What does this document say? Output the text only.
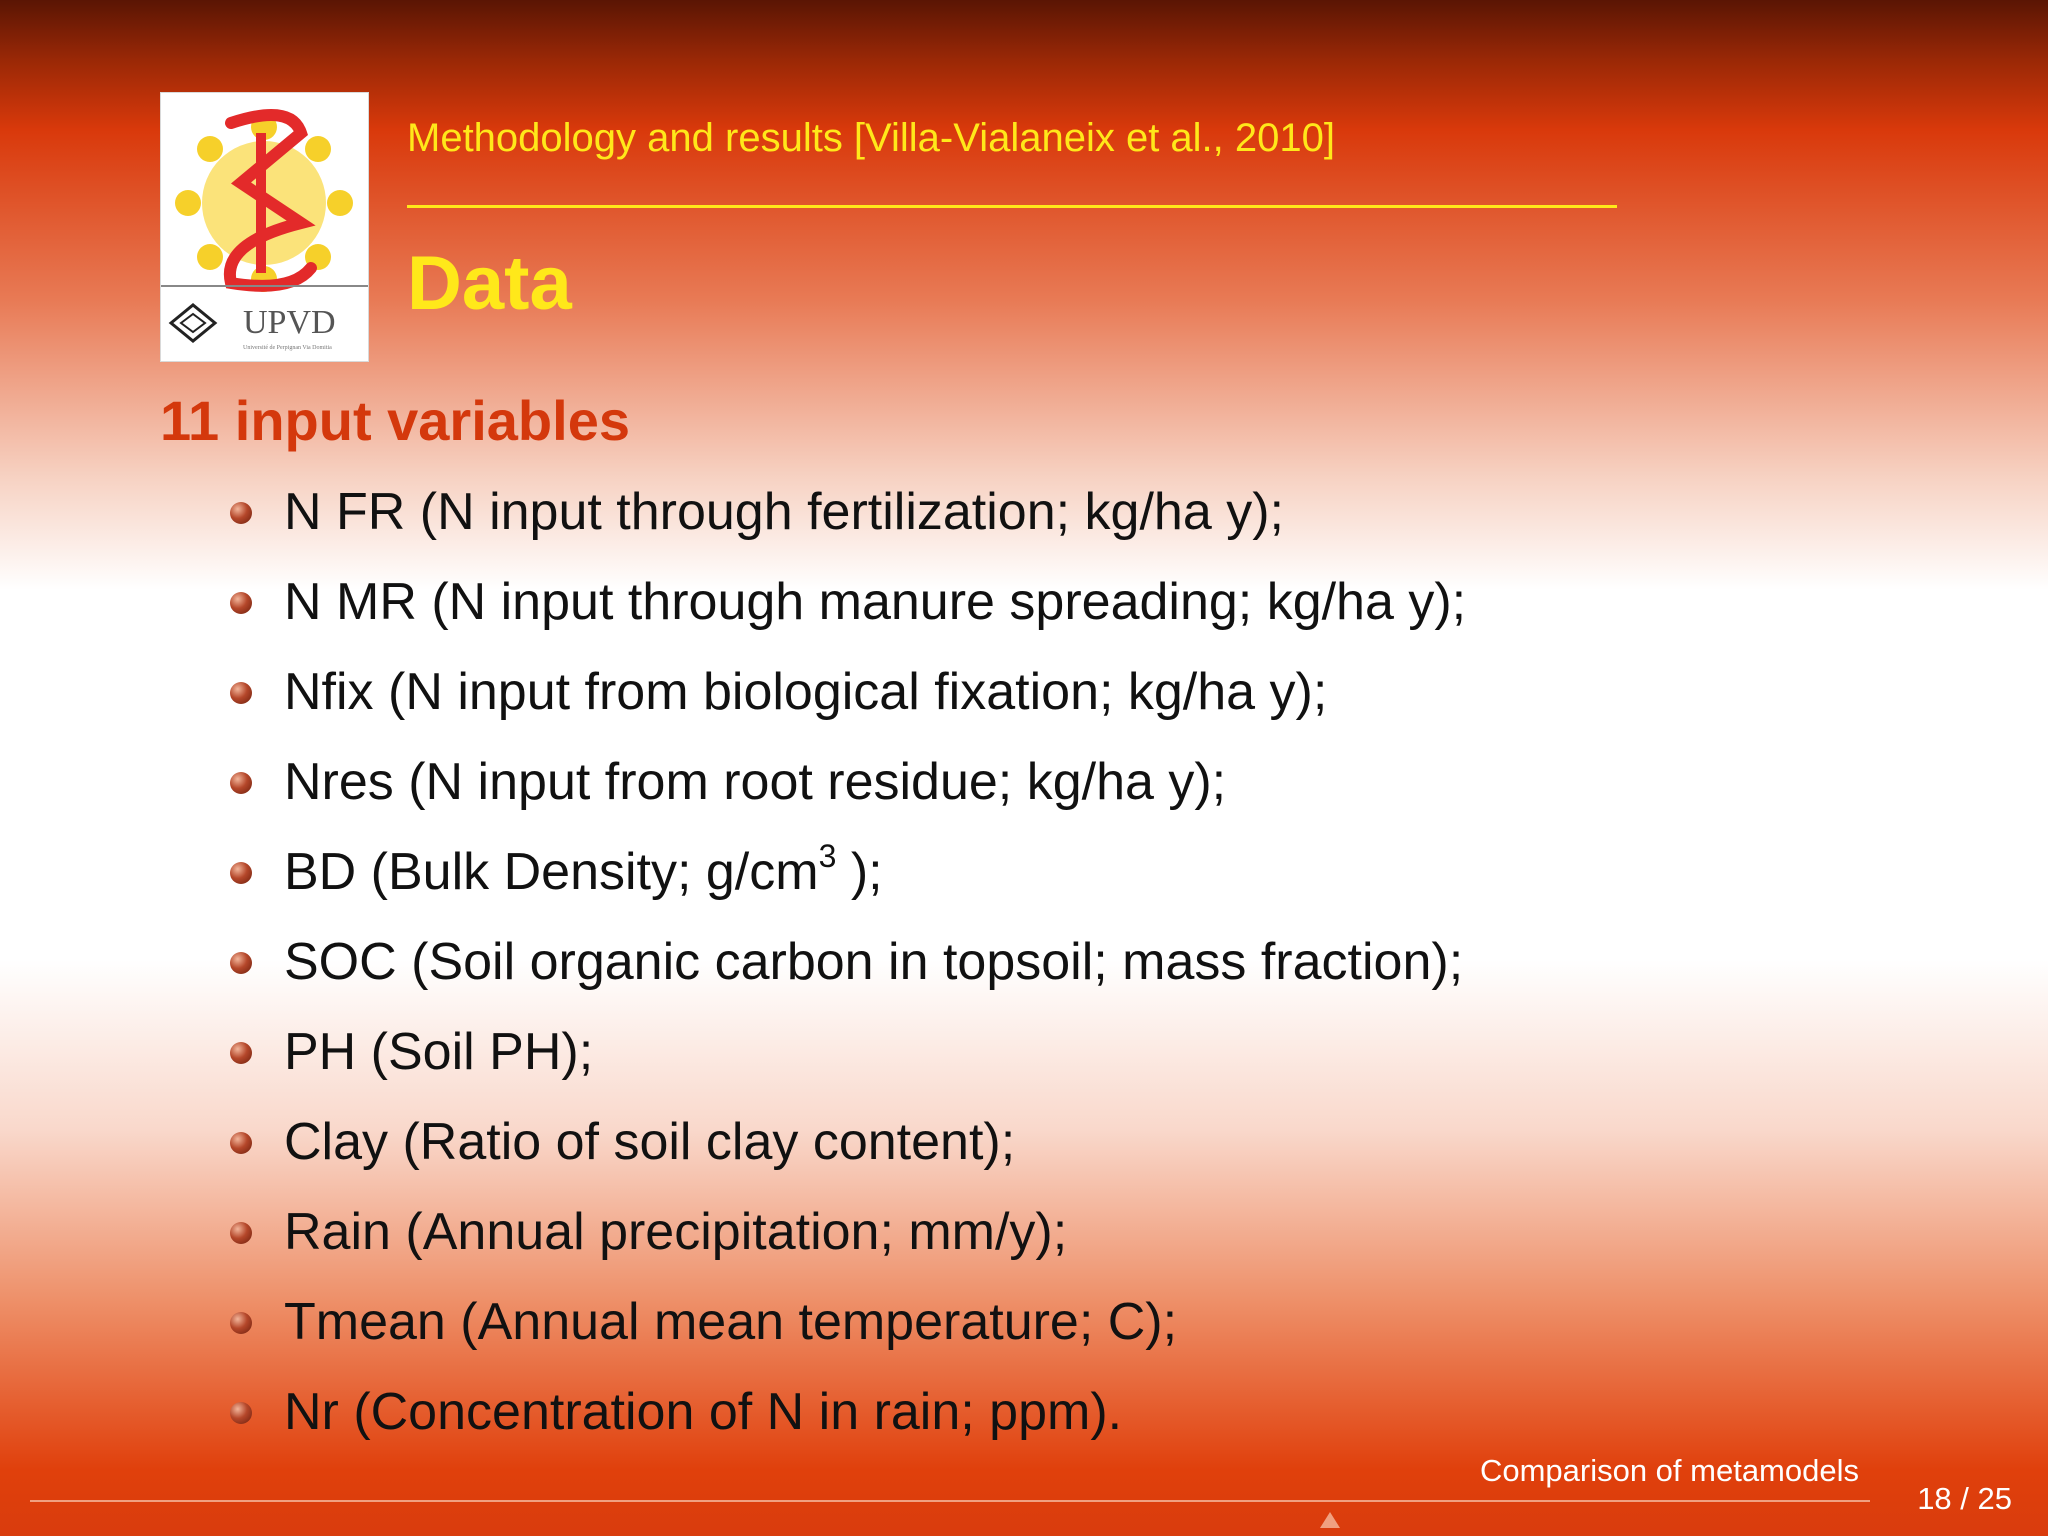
UPVD
Université de Perpignan Via Domitia
Methodology and results [Villa-Vialaneix et al., 2010]
Data
11 input variables
N FR (N input through fertilization; kg/ha y);
N MR (N input through manure spreading; kg/ha y);
Nfix (N input from biological fixation; kg/ha y);
Nres (N input from root residue; kg/ha y);
BD (Bulk Density; $g/cm^3$ );
SOC (Soil organic carbon in topsoil; mass fraction);
PH (Soil PH);
Clay (Ratio of soil clay content);
Rain (Annual precipitation; mm/y);
Tmean (Annual mean temperature; C);
Nr (Concentration of N in rain; ppm).
Comparison of metamodels
18 / 25
